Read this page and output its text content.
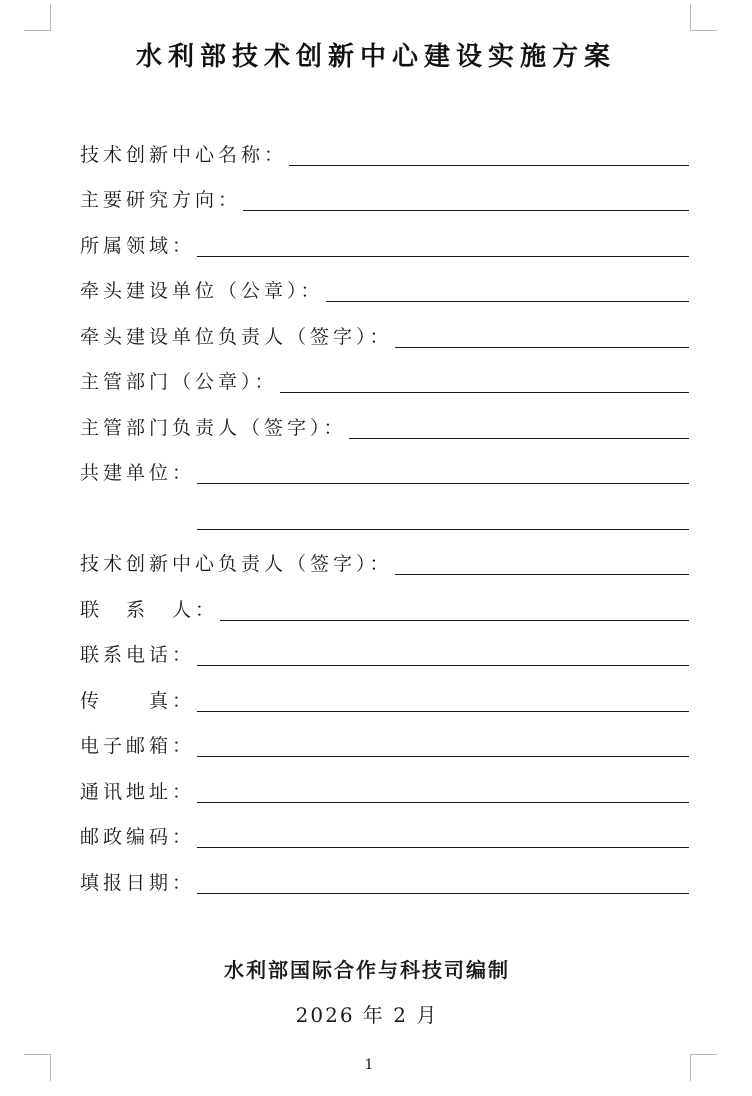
水利部技术创新中心建设实施方案
技术创新中心名称：
主要研究方向：
所属领域：
牵头建设单位（公章）：
牵头建设单位负责人（签字）：
主管部门（公章）：
主管部门负责人（签字）：
共建单位：
技术创新中心负责人（签字）：
联　系　人：
联系电话：
传　　真：
电子邮箱：
通讯地址：
邮政编码：
填报日期：
水利部国际合作与科技司编制
2026 年 2 月
1
